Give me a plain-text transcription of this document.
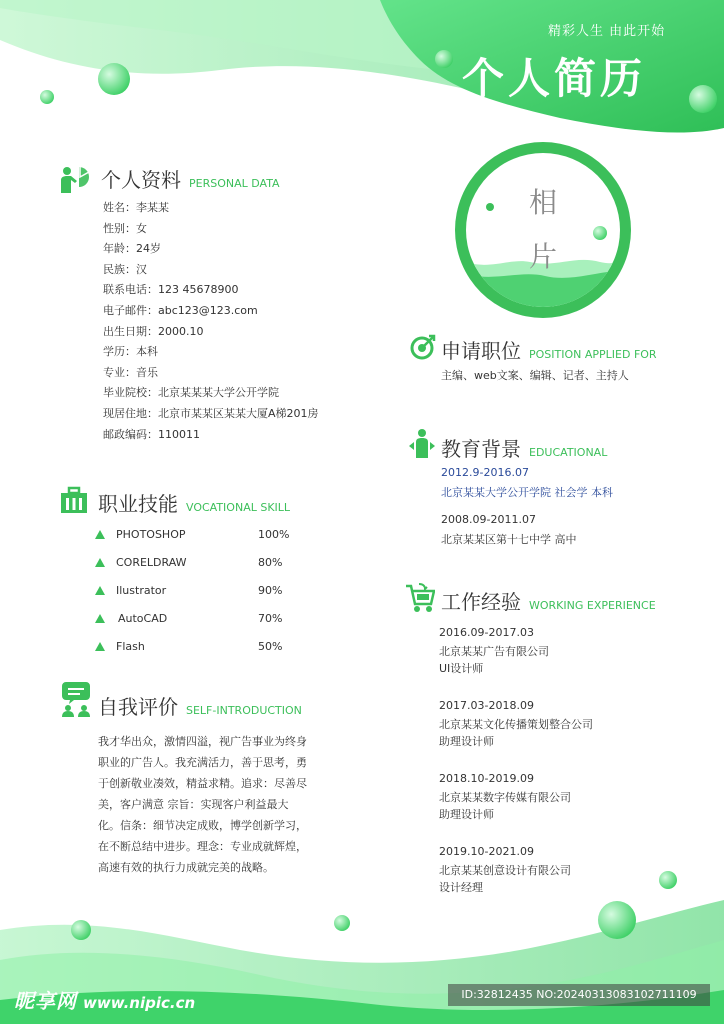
精彩人生 由此开始
个人简历
相
片
个人资料 PERSONAL DATA
姓名：李某某
性别：女
年龄：24岁
民族：汉
联系电话：123 45678900
电子邮件：abc123@123.com
出生日期：2000.10
学历：本科
专业：音乐
毕业院校：北京某某某大学公开学院
现居住地：北京市某某区某某大厦A梯201房
邮政编码：110011
职业技能 VOCATIONAL SKILL
PHOTOSHOP	100%
CORELDRAW	80%
Ilustrator	90%
AutoCAD	70%
Flash	50%
自我评价 SELF-INTRODUCTION

我才华出众，激情四溢，视广告事业为终身职业的广告人。我充满活力，善于思考，勇于创新敬业凑效，精益求精。追求：尽善尽美，客户满意 宗旨：实现客户利益最大化。信条：细节决定成败，博学创新学习，在不断总结中进步。理念：专业成就辉煌，高速有效的执行力成就完美的战略。

申请职位 POSITION APPLIED FOR
主编、web文案、编辑、记者、主持人
教育背景 EDUCATIONAL
2012.9-2016.07
北京某某大学公开学院 社会学 本科
2008.09-2011.07
北京某某区第十七中学 高中
工作经验 WORKING EXPERIENCE
2016.09-2017.03
北京某某广告有限公司
UI设计师
2017.03-2018.09
北京某某文化传播策划整合公司
助理设计师
2018.10-2019.09
北京某某数字传媒有限公司
助理设计师
2019.10-2021.09
北京某某创意设计有限公司
设计经理
昵享网 www.nipic.cn	ID:32812435 NO:20240313083102711109
